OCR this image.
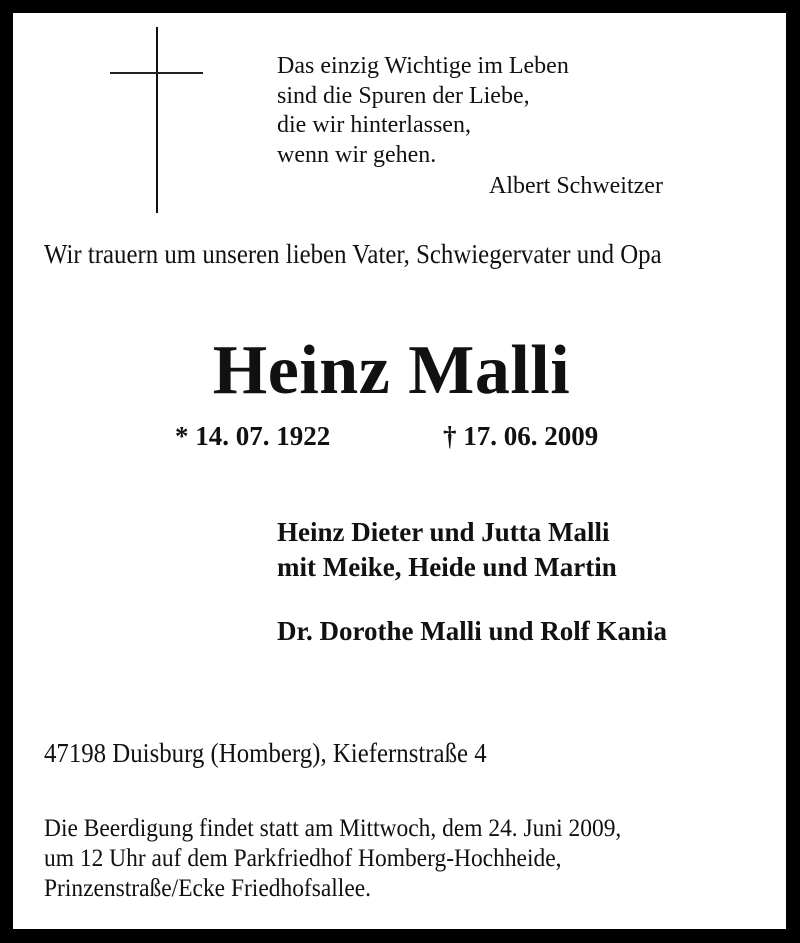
Das einzig Wichtige im Leben
sind die Spuren der Liebe,
die wir hinterlassen,
wenn wir gehen.
Albert Schweitzer
Wir trauern um unseren lieben Vater, Schwiegervater und Opa
Heinz Malli
* 14. 07. 1922	† 17. 06. 2009
Heinz Dieter und Jutta Malli
mit Meike, Heide und Martin
Dr. Dorothe Malli und Rolf Kania
47198 Duisburg (Homberg), Kiefernstraße 4
Die Beerdigung findet statt am Mittwoch, dem 24. Juni 2009,
um 12 Uhr auf dem Parkfriedhof Homberg-Hochheide,
Prinzenstraße/Ecke Friedhofsallee.
